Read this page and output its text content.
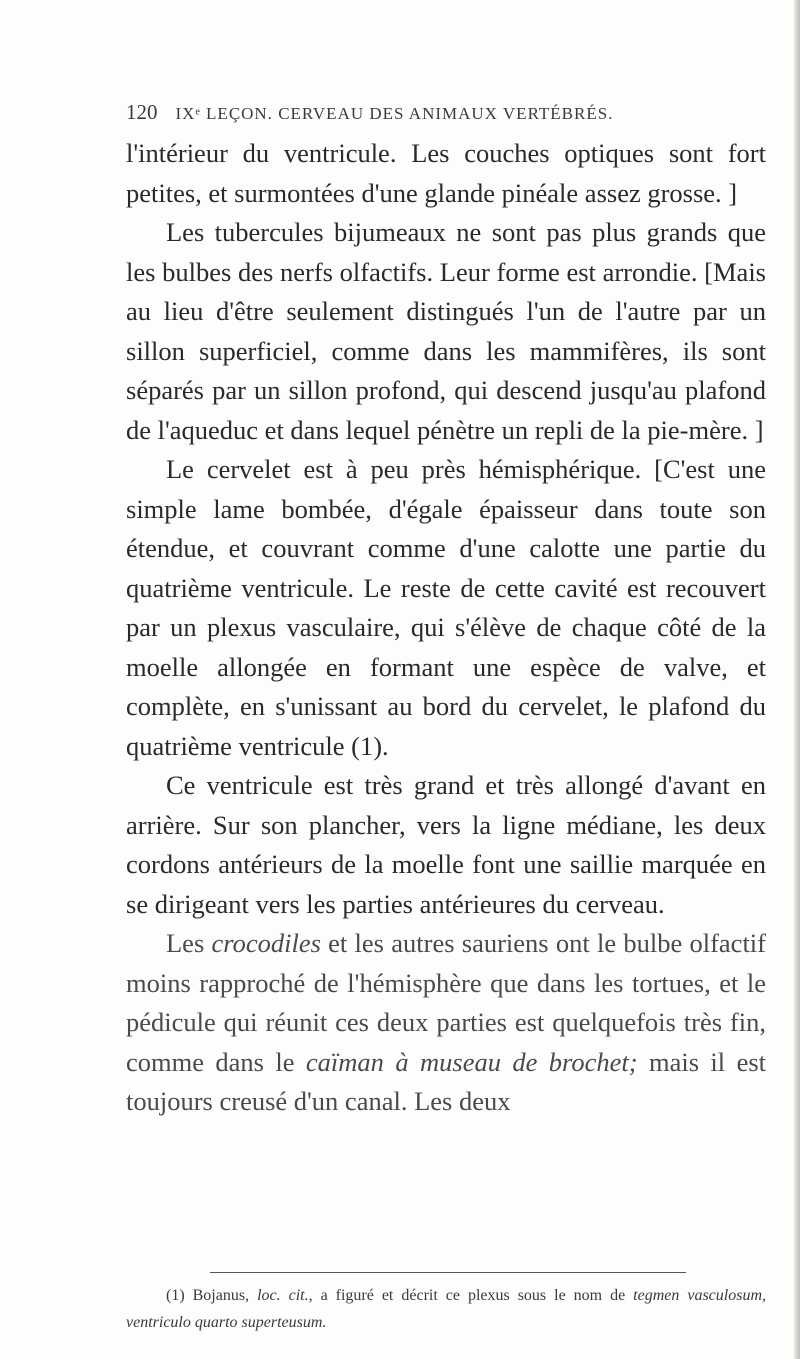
120 IXᵉ LEÇON. CERVEAU DES ANIMAUX VERTÉBRÉS.

l'intérieur du ventricule. Les couches optiques sont fort petites, et surmontées d'une glande pinéale assez grosse. ]

Les tubercules bijumeaux ne sont pas plus grands que les bulbes des nerfs olfactifs. Leur forme est arrondie. [Mais au lieu d'être seulement distingués l'un de l'autre par un sillon superficiel, comme dans les mammifères, ils sont séparés par un sillon profond, qui descend jusqu'au plafond de l'aqueduc et dans lequel pénètre un repli de la pie-mère. ]

Le cervelet est à peu près hémisphérique. [C'est une simple lame bombée, d'égale épaisseur dans toute son étendue, et couvrant comme d'une calotte une partie du quatrième ventricule. Le reste de cette cavité est recouvert par un plexus vasculaire, qui s'élève de chaque côté de la moelle allongée en formant une espèce de valve, et complète, en s'unissant au bord du cervelet, le plafond du quatrième ventricule (1).

Ce ventricule est très grand et très allongé d'avant en arrière. Sur son plancher, vers la ligne médiane, les deux cordons antérieurs de la moelle font une saillie marquée en se dirigeant vers les parties antérieures du cerveau.

Les crocodiles et les autres sauriens ont le bulbe olfactif moins rapproché de l'hémisphère que dans les tortues, et le pédicule qui réunit ces deux parties est quelquefois très fin, comme dans le caïman à museau de brochet; mais il est toujours creusé d'un canal. Les deux

(1) Bojanus, loc. cit., a figuré et décrit ce plexus sous le nom de tegmen vasculosum, ventriculo quarto superteusum.
